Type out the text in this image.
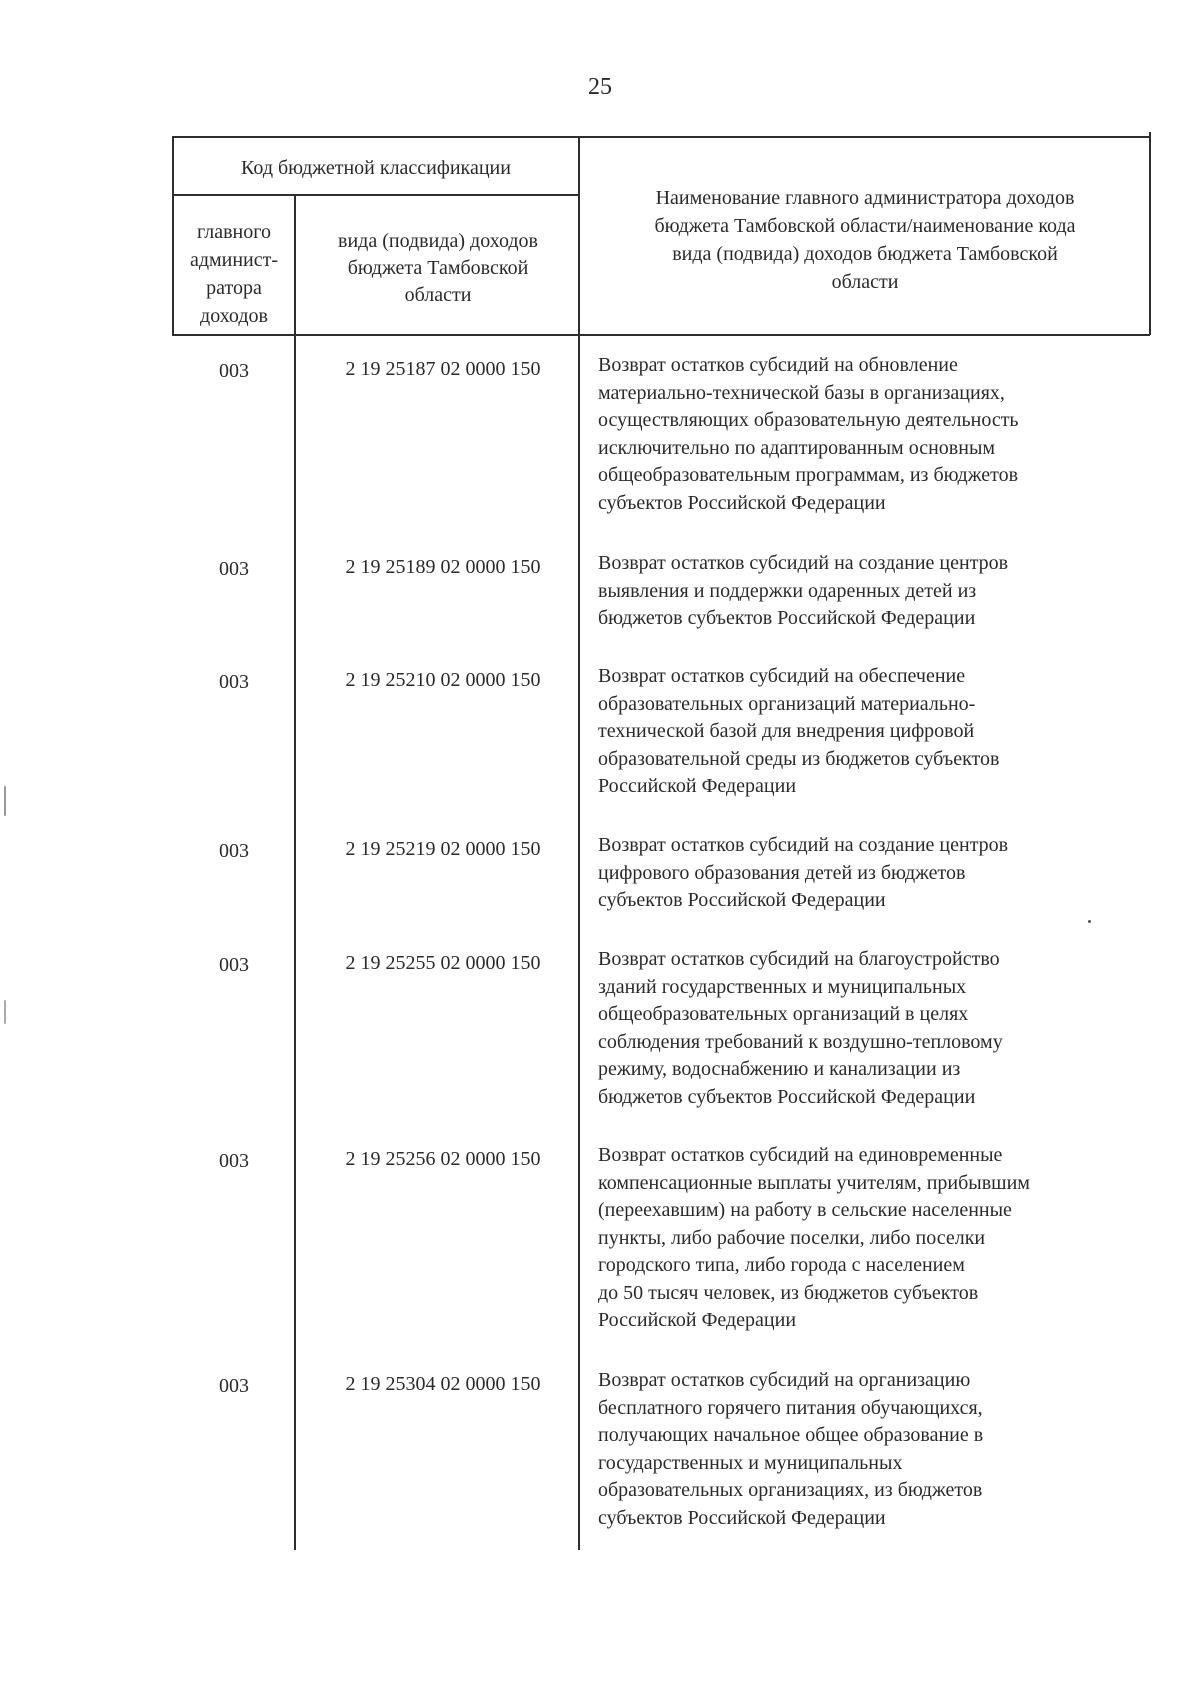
25
Код бюджетной классификации
главного
админист-
ратора
доходов
вида (подвида) доходов
бюджета Тамбовской
области
Наименование главного администратора доходов
бюджета Тамбовской области/наименование кода
вида (подвида) доходов бюджета Тамбовской
области
003	2 19 25187 02 0000 150	Возврат остатков субсидий на обновление
материально-технической базы в организациях,
осуществляющих образовательную деятельность
исключительно по адаптированным основным
общеобразовательным программам, из бюджетов
субъектов Российской Федерации
003	2 19 25189 02 0000 150	Возврат остатков субсидий на создание центров
выявления и поддержки одаренных детей из
бюджетов субъектов Российской Федерации
003	2 19 25210 02 0000 150	Возврат остатков субсидий на обеспечение
образовательных организаций материально-
технической базой для внедрения цифровой
образовательной среды из бюджетов субъектов
Российской Федерации
003	2 19 25219 02 0000 150	Возврат остатков субсидий на создание центров
цифрового образования детей из бюджетов
субъектов Российской Федерации
003	2 19 25255 02 0000 150	Возврат остатков субсидий на благоустройство
зданий государственных и муниципальных
общеобразовательных организаций в целях
соблюдения требований к воздушно-тепловому
режиму, водоснабжению и канализации из
бюджетов субъектов Российской Федерации
003	2 19 25256 02 0000 150	Возврат остатков субсидий на единовременные
компенсационные выплаты учителям, прибывшим
(переехавшим) на работу в сельские населенные
пункты, либо рабочие поселки, либо поселки
городского типа, либо города с населением
до 50 тысяч человек, из бюджетов субъектов
Российской Федерации
003	2 19 25304 02 0000 150	Возврат остатков субсидий на организацию
бесплатного горячего питания обучающихся,
получающих начальное общее образование в
государственных и муниципальных
образовательных организациях, из бюджетов
субъектов Российской Федерации
